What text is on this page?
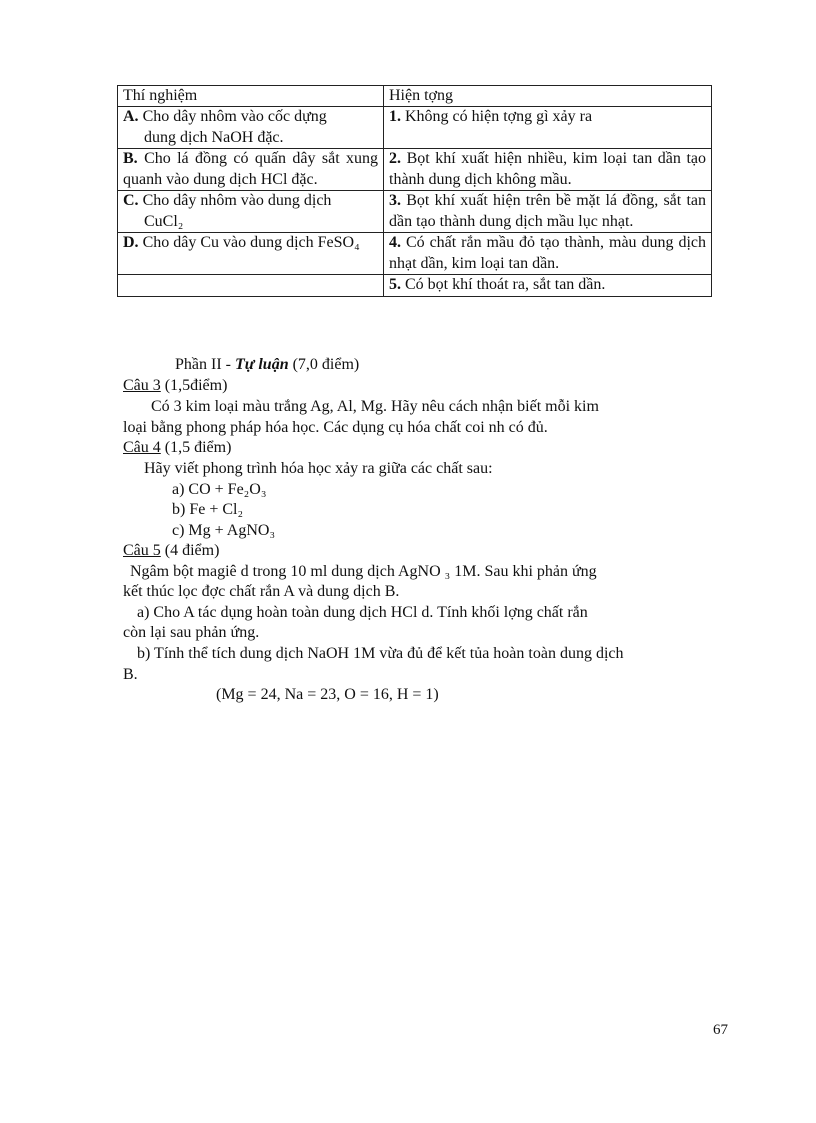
Thí nghiệm	Hiện tợng
A. Cho dây nhôm vào cốc dựng
dung dịch NaOH đặc.	1. Không có hiện tợng gì xảy ra
B. Cho lá đồng có quấn dây sắt xung quanh vào dung dịch HCl đặc.	2. Bọt khí xuất hiện nhiều, kim loại tan dần tạo thành dung dịch không mầu.
C. Cho dây nhôm vào dung dịch
CuCl₂	3. Bọt khí xuất hiện trên bề mặt lá đồng, sắt tan dần tạo thành dung dịch mầu lục nhạt.
D. Cho dây Cu vào dung dịch FeSO₄	4. Có chất rắn mầu đỏ tạo thành, màu dung dịch nhạt dần, kim loại tan dần.
	5. Có bọt khí thoát ra, sắt tan dần.
Phần II - Tự luận (7,0 điểm)
Câu 3 (1,5điểm)
Có 3 kim loại màu trắng Ag, Al, Mg. Hãy nêu cách nhận biết mỗi kim
loại bằng phong pháp hóa học. Các dụng cụ hóa chất coi nh có đủ.
Câu 4 (1,5 điểm)
Hãy viết phong trình hóa học xảy ra giữa các chất sau:
a) CO + Fe₂O₃
b) Fe + Cl₂
c) Mg + AgNO₃
Câu 5 (4 điểm)
Ngâm bột magiê d trong 10 ml dung dịch AgNO ₃ 1M. Sau khi phản ứng
kết thúc lọc đợc chất rắn A và dung dịch B.
a) Cho A tác dụng hoàn toàn dung dịch HCl d. Tính khối lợng chất rắn
còn lại sau phản ứng.
b) Tính thể tích dung dịch NaOH 1M vừa đủ để kết tủa hoàn toàn dung dịch
B.
(Mg = 24, Na = 23, O = 16, H = 1)
67
